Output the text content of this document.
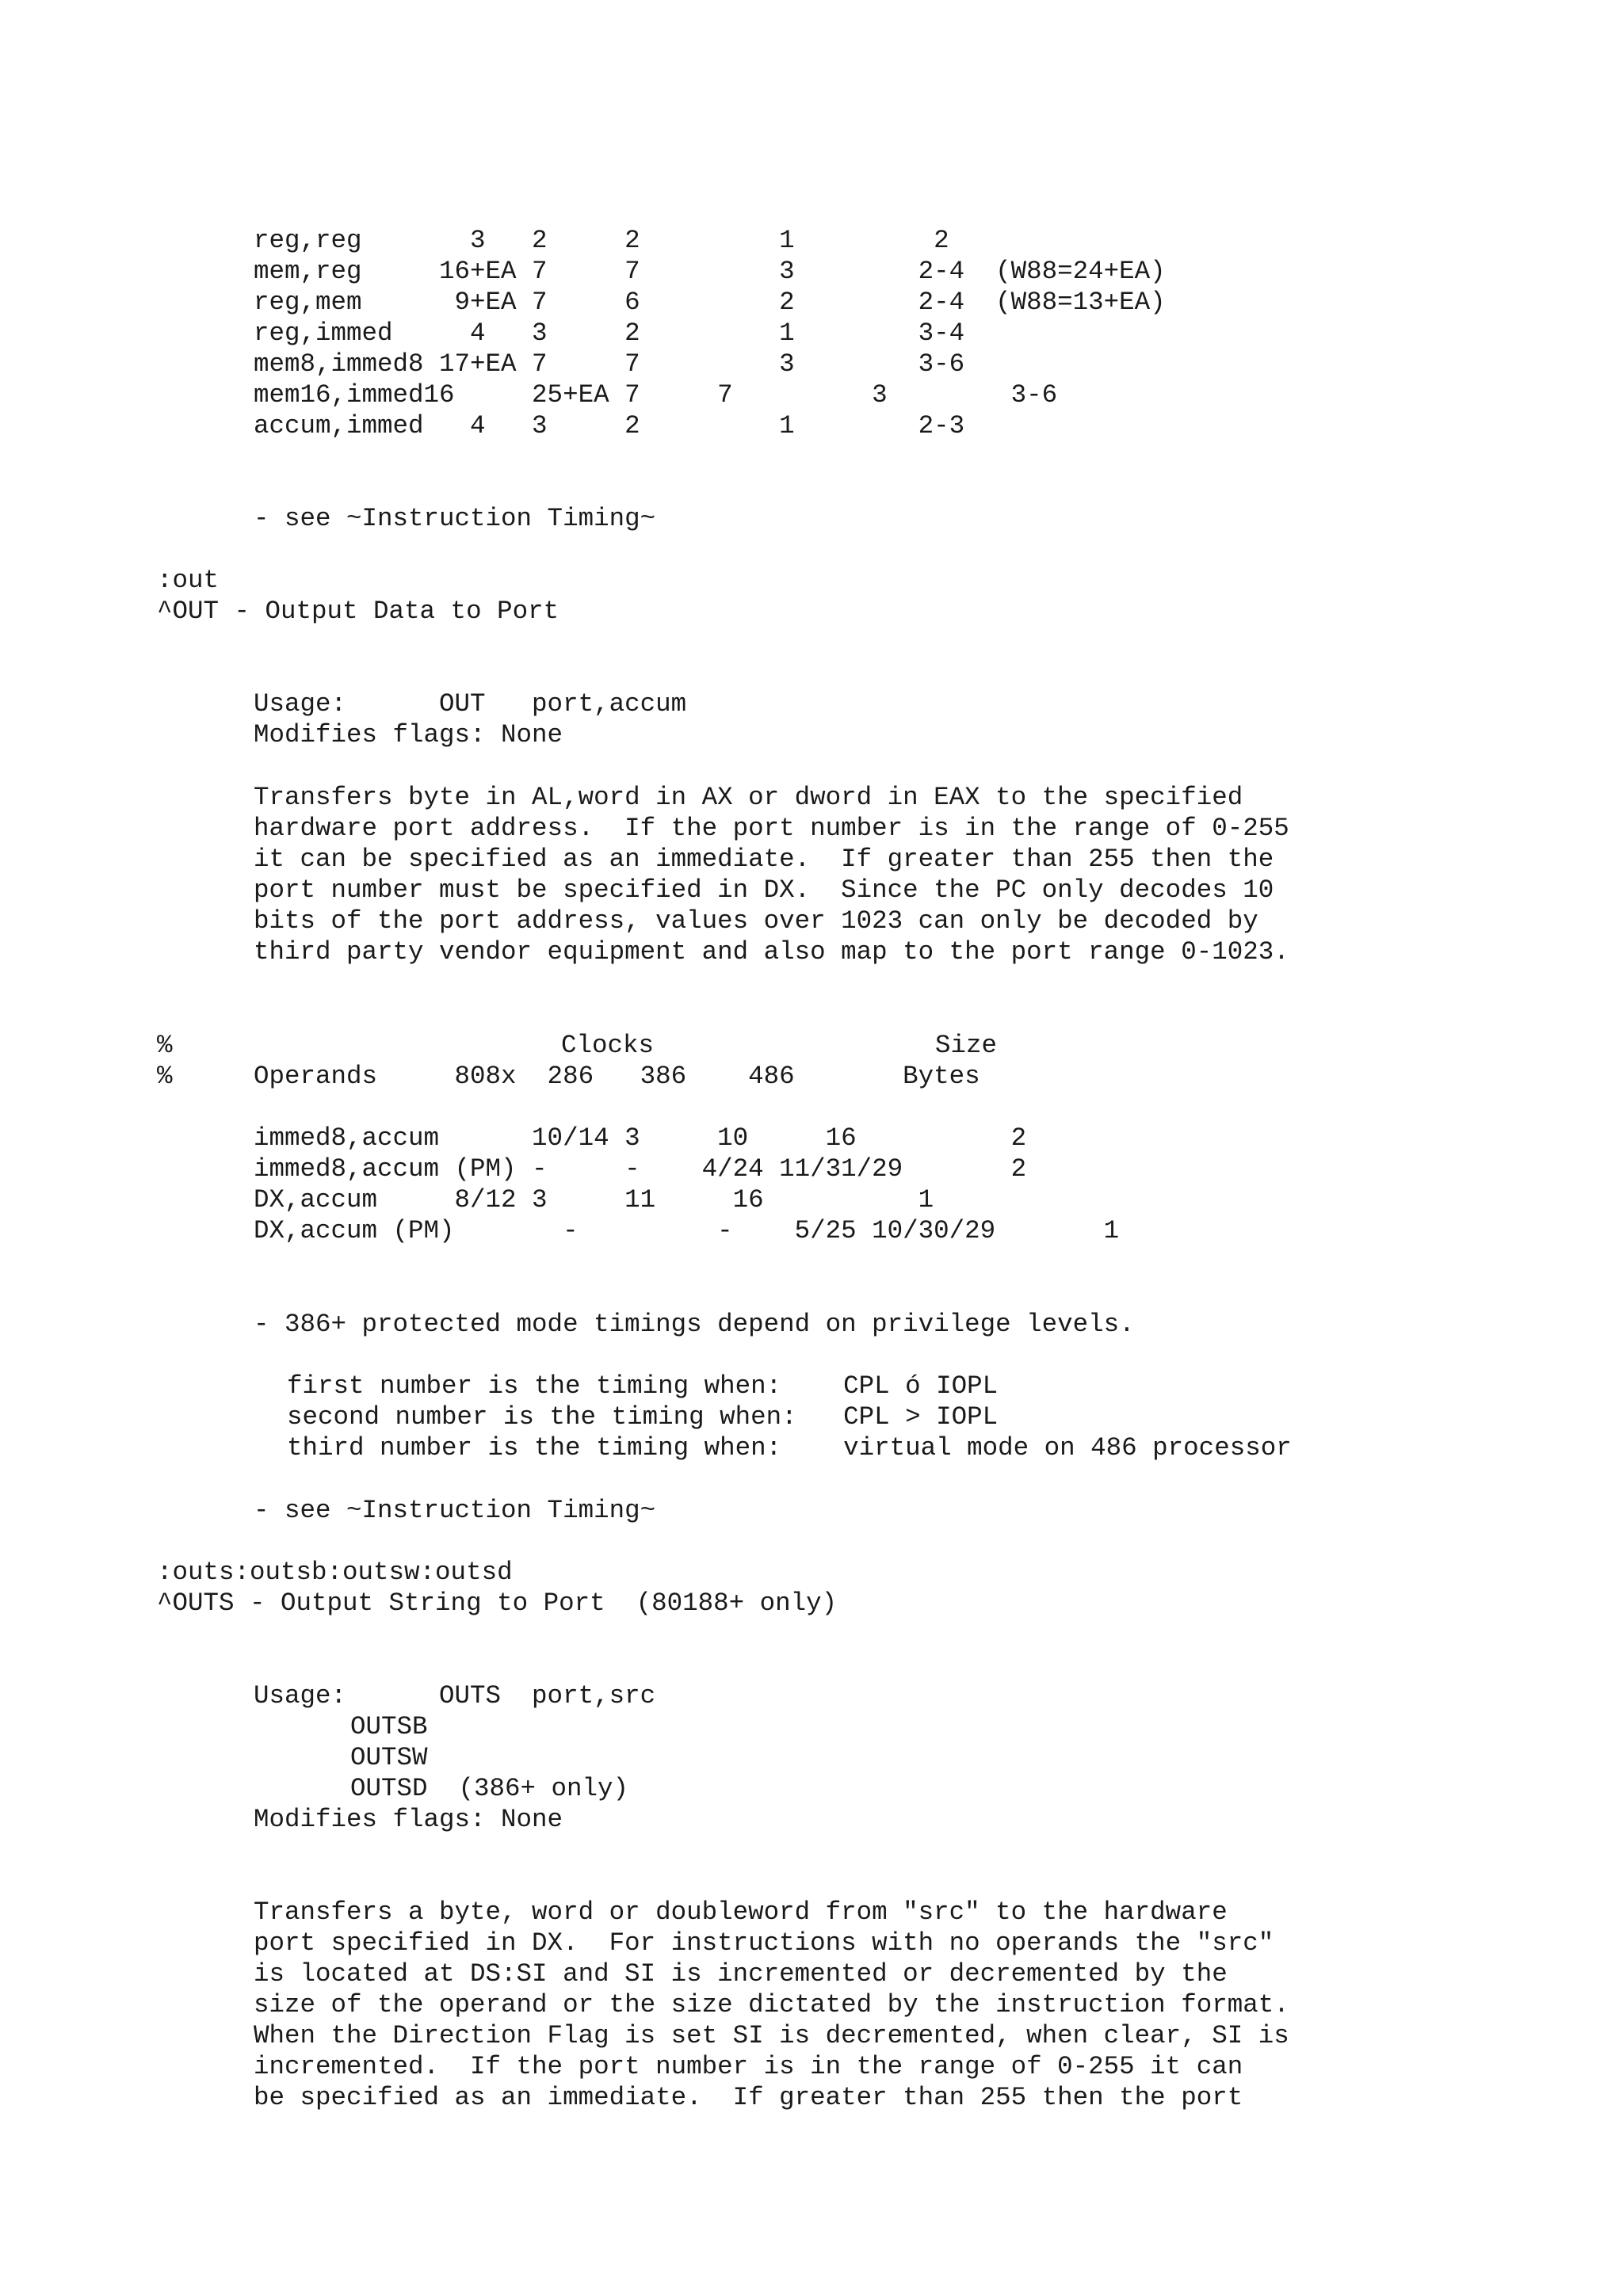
reg,reg       3   2     2         1         2
mem,reg     16+EA 7     7         3        2-4  (W88=24+EA)
reg,mem      9+EA 7     6         2        2-4  (W88=13+EA)
reg,immed     4   3     2         1        3-4
mem8,immed8 17+EA 7     7         3        3-6
mem16,immed16     25+EA 7     7         3        3-6
accum,immed   4   3     2         1        2-3
- see ~Instruction Timing~
:out
^OUT - Output Data to Port
Usage:      OUT   port,accum
Modifies flags: None
Transfers byte in AL,word in AX or dword in EAX to the specified
hardware port address.  If the port number is in the range of 0-255
it can be specified as an immediate.  If greater than 255 then the
port number must be specified in DX.  Since the PC only decodes 10
bits of the port address, values over 1023 can only be decoded by
third party vendor equipment and also map to the port range 0-1023.
%	Clocks	Size
%	Operands     808x  286   386    486       Bytes
immed8,accum      10/14 3     10     16          2
immed8,accum (PM) -     -    4/24 11/31/29       2
DX,accum     8/12 3     11     16          1
DX,accum (PM)       -         -    5/25 10/30/29       1
- 386+ protected mode timings depend on privilege levels.
first number is the timing when:    CPL ó IOPL
second number is the timing when:   CPL > IOPL
third number is the timing when:    virtual mode on 486 processor
- see ~Instruction Timing~
:outs:outsb:outsw:outsd
^OUTS - Output String to Port  (80188+ only)
Usage:      OUTS  port,src
OUTSB
OUTSW
OUTSD  (386+ only)
Modifies flags: None
Transfers a byte, word or doubleword from "src" to the hardware
port specified in DX.  For instructions with no operands the "src"
is located at DS:SI and SI is incremented or decremented by the
size of the operand or the size dictated by the instruction format.
When the Direction Flag is set SI is decremented, when clear, SI is
incremented.  If the port number is in the range of 0-255 it can
be specified as an immediate.  If greater than 255 then the port
